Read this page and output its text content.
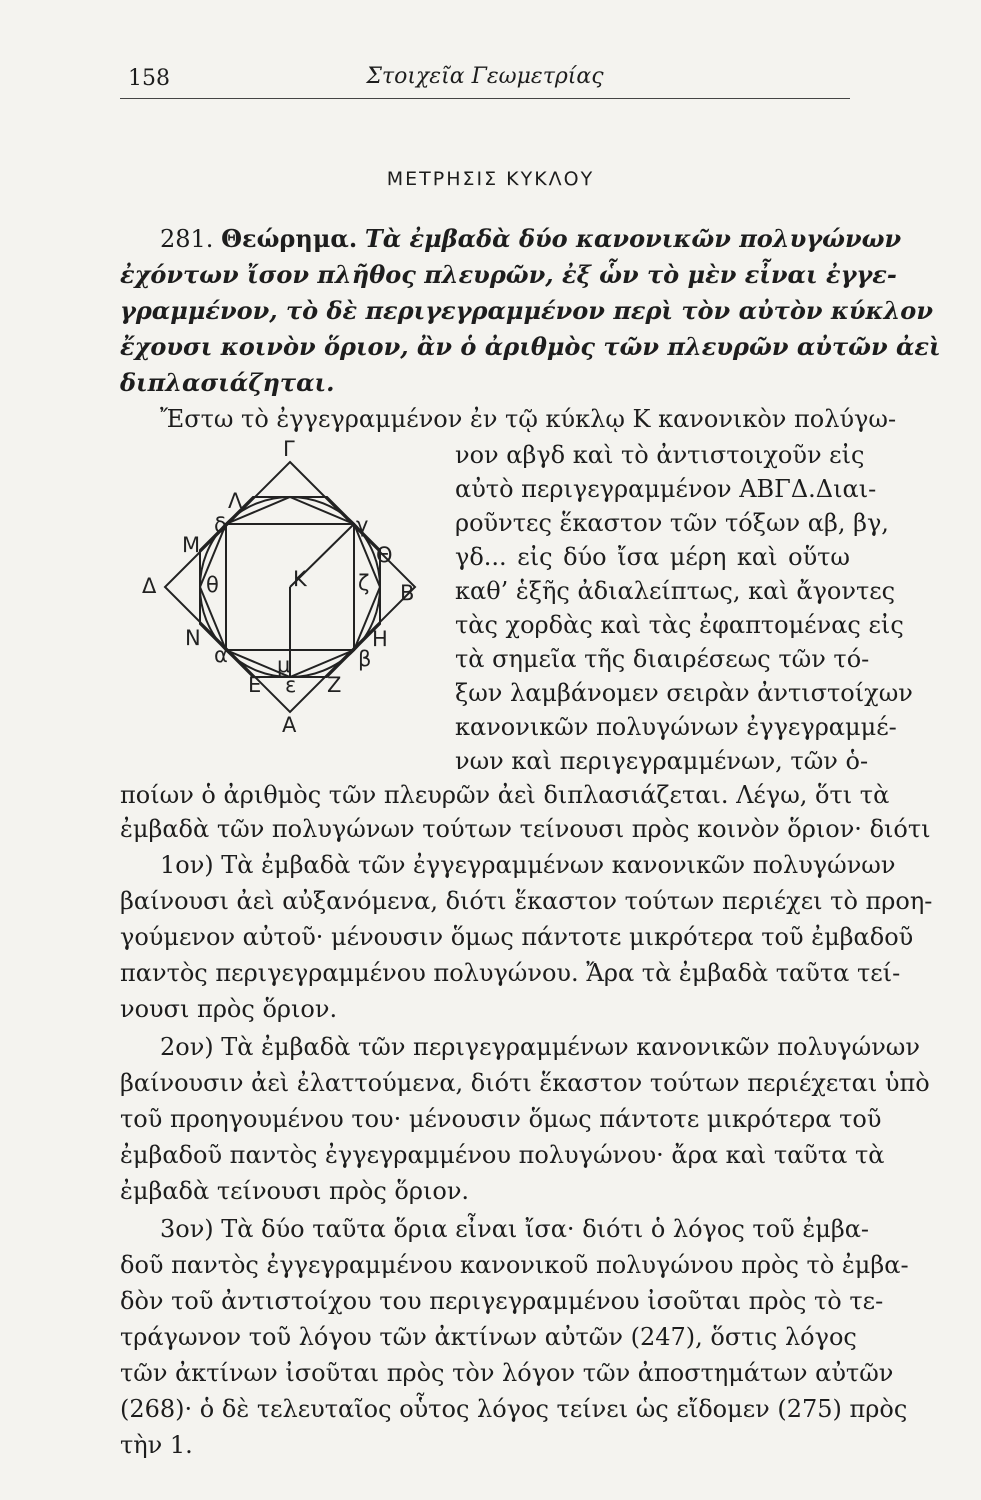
158	Στοιχεῖα Γεωμετρίας
ΜΕΤΡΗΣΙΣ ΚΥΚΛΟΥ
281. Θεώρημα. Τὰ ἐμβαδὰ δύο κανονικῶν πολυγώνων
ἐχόντων ἴσον πλῆθος πλευρῶν, ἐξ ὧν τὸ μὲν εἶναι ἐγγε-
γραμμένον, τὸ δὲ περιγεγραμμένον περὶ τὸν αὐτὸν κύκλον
ἔχουσι κοινὸν ὅριον, ἂν ὁ ἀριθμὸς τῶν πλευρῶν αὐτῶν ἀεὶ
διπλασιάζηται.
Ἔστω τὸ ἐγγεγραμμένον ἐν τῷ κύκλῳ Κ κανονικὸν πολύγω-
νον αβγδ καὶ τὸ ἀντιστοιχοῦν εἰς
αὐτὸ περιγεγραμμένον ΑΒΓΔ.Διαι-
ροῦντες ἕκαστον τῶν τόξων αβ, βγ,
γδ... εἰς δύο ἴσα μέρη καὶ οὕτω
καθ’ ἑξῆς ἀδιαλείπτως, καὶ ἄγοντες
τὰς χορδὰς καὶ τὰς ἐφαπτομένας εἰς
τὰ σημεῖα τῆς διαιρέσεως τῶν τό-
ξων λαμβάνομεν σειρὰν ἀντιστοίχων
κανονικῶν πολυγώνων ἐγγεγραμμέ-
νων καὶ περιγεγραμμένων, τῶν ὁ-
ποίων ὁ ἀριθμὸς τῶν πλευρῶν ἀεὶ διπλασιάζεται. Λέγω, ὅτι τὰ
ἐμβαδὰ τῶν πολυγώνων τούτων τείνουσι πρὸς κοινὸν ὅριον· διότι
1ον) Τὰ ἐμβαδὰ τῶν ἐγγεγραμμένων κανονικῶν πολυγώνων
βαίνουσι ἀεὶ αὐξανόμενα, διότι ἕκαστον τούτων περιέχει τὸ προη-
γούμενον αὐτοῦ· μένουσιν ὅμως πάντοτε μικρότερα τοῦ ἐμβαδοῦ
παντὸς περιγεγραμμένου πολυγώνου. Ἄρα τὰ ἐμβαδὰ ταῦτα τεί-
νουσι πρὸς ὅριον.
2ον) Τὰ ἐμβαδὰ τῶν περιγεγραμμένων κανονικῶν πολυγώνων
βαίνουσιν ἀεὶ ἐλαττούμενα, διότι ἕκαστον τούτων περιέχεται ὑπὸ
τοῦ προηγουμένου του· μένουσιν ὅμως πάντοτε μικρότερα τοῦ
ἐμβαδοῦ παντὸς ἐγγεγραμμένου πολυγώνου· ἄρα καὶ ταῦτα τὰ
ἐμβαδὰ τείνουσι πρὸς ὅριον.
3ον) Τὰ δύο ταῦτα ὅρια εἶναι ἴσα· διότι ὁ λόγος τοῦ ἐμβα-
δοῦ παντὸς ἐγγεγραμμένου κανονικοῦ πολυγώνου πρὸς τὸ ἐμβα-
δὸν τοῦ ἀντιστοίχου του περιγεγραμμένου ἰσοῦται πρὸς τὸ τε-
τράγωνον τοῦ λόγου τῶν ἀκτίνων αὐτῶν (247), ὅστις λόγος
τῶν ἀκτίνων ἰσοῦται πρὸς τὸν λόγον τῶν ἀποστημάτων αὐτῶν
(268)· ὁ δὲ τελευταῖος οὗτος λόγος τείνει ὡς εἴδομεν (275) πρὸς
τὴν 1.
Γ
Λ
δ	γ
Θ
Μ
Κ
Δ θ	ζ Β
Ν	Η
α μ	β
Ε ε Ζ
Α
